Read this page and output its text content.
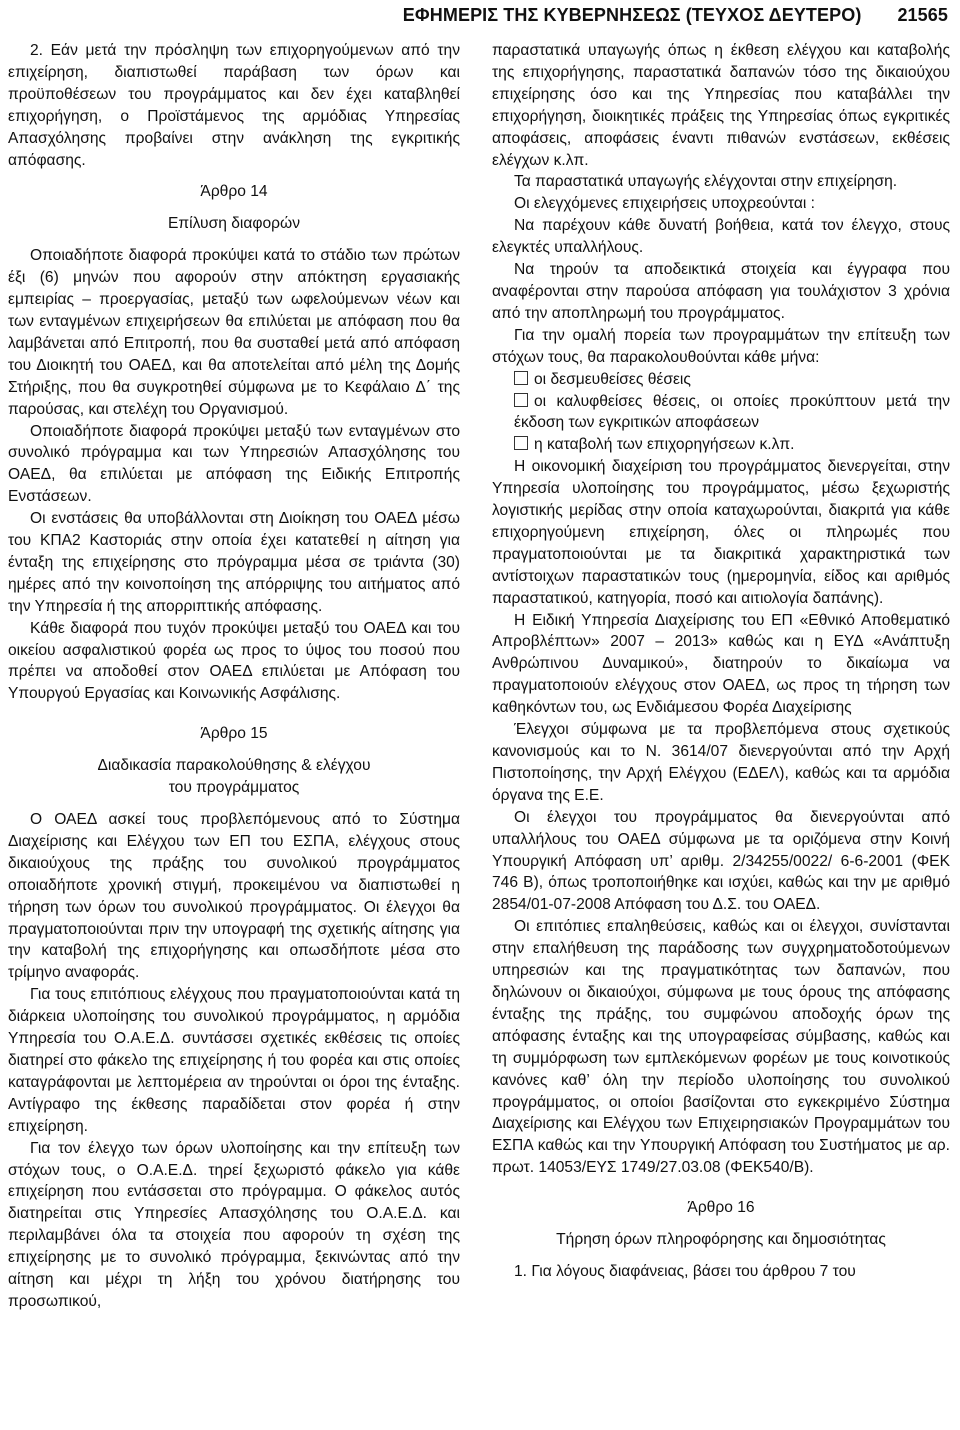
ΕΦΗΜΕΡΙΣ ΤΗΣ ΚΥΒΕΡΝΗΣΕΩΣ (ΤΕΥΧΟΣ ΔΕΥΤΕΡΟ) 21565

2. Εάν μετά την πρόσληψη των επιχορηγούμενων από την επιχείρηση, διαπιστωθεί παράβαση των όρων και προϋποθέσεων του προγράμματος και δεν έχει καταβληθεί επιχορήγηση, ο Προϊστάμενος της αρμόδιας Υπηρεσίας Απασχόλησης προβαίνει στην ανάκληση της εγκριτικής απόφασης.

Άρθρο 14

Επίλυση διαφορών

Οποιαδήποτε διαφορά προκύψει κατά το στάδιο των πρώτων έξι (6) μηνών που αφορούν στην απόκτηση εργασιακής εμπειρίας – προεργασίας, μεταξύ των ωφελούμενων νέων και των ενταγμένων επιχειρήσεων θα επιλύεται με απόφαση που θα λαμβάνεται από Επιτροπή, που θα συσταθεί μετά από απόφαση του Διοικητή του ΟΑΕΔ, και θα αποτελείται από μέλη της Δομής Στήριξης, που θα συγκροτηθεί σύμφωνα με το Κεφάλαιο Δ΄ της παρούσας, και στελέχη του Οργανισμού.

Οποιαδήποτε διαφορά προκύψει μεταξύ των ενταγμένων στο συνολικό πρόγραμμα και των Υπηρεσιών Απασχόλησης του ΟΑΕΔ, θα επιλύεται με απόφαση της Ειδικής Επιτροπής Ενστάσεων.

Οι ενστάσεις θα υποβάλλονται στη Διοίκηση του ΟΑΕΔ μέσω του ΚΠΑ2 Καστοριάς στην οποία έχει κατατεθεί η αίτηση για ένταξη της επιχείρησης στο πρόγραμμα μέσα σε τριάντα (30) ημέρες από την κοινοποίηση της απόρριψης του αιτήματος από την Υπηρεσία ή της απορριπτικής απόφασης.

Κάθε διαφορά που τυχόν προκύψει μεταξύ του ΟΑΕΔ και του οικείου ασφαλιστικού φορέα ως προς το ύψος του ποσού που πρέπει να αποδοθεί στον ΟΑΕΔ επιλύεται με Απόφαση του Υπουργού Εργασίας και Κοινωνικής Ασφάλισης.

Άρθρο 15

Διαδικασία παρακολούθησης & ελέγχου

του προγράμματος

Ο ΟΑΕΔ ασκεί τους προβλεπόμενους από το Σύστημα Διαχείρισης και Ελέγχου των ΕΠ του ΕΣΠΑ, ελέγχους στους δικαιούχους της πράξης του συνολικού προγράμματος οποιαδήποτε χρονική στιγμή, προκειμένου να διαπιστωθεί η τήρηση των όρων του συνολικού προγράμματος. Οι έλεγχοι θα πραγματοποιούνται πριν την υπογραφή της σχετικής αίτησης για την καταβολή της επιχορήγησης και οπωσδήποτε μέσα στο τρίμηνο αναφοράς.

Για τους επιτόπιους ελέγχους που πραγματοποιούνται κατά τη διάρκεια υλοποίησης του συνολικού προγράμματος, η αρμόδια Υπηρεσία του Ο.Α.Ε.Δ. συντάσσει σχετικές εκθέσεις τις οποίες διατηρεί στο φάκελο της επιχείρησης ή του φορέα και στις οποίες καταγράφονται με λεπτομέρεια αν τηρούνται οι όροι της ένταξης. Αντίγραφο της έκθεσης παραδίδεται στον φορέα ή στην επιχείρηση.

Για τον έλεγχο των όρων υλοποίησης και την επίτευξη των στόχων τους, ο Ο.Α.Ε.Δ. τηρεί ξεχωριστό φάκελο για κάθε επιχείρηση που εντάσσεται στο πρόγραμμα. Ο φάκελος αυτός διατηρείται στις Υπηρεσίες Απασχόλησης του Ο.Α.Ε.Δ. και περιλαμβάνει όλα τα στοιχεία που αφορούν τη σχέση της επιχείρησης με το συνολικό πρόγραμμα, ξεκινώντας από την αίτηση και μέχρι τη λήξη του χρόνου διατήρησης του προσωπικού,

παραστατικά υπαγωγής όπως η έκθεση ελέγχου και καταβολής της επιχορήγησης, παραστατικά δαπανών τόσο της δικαιούχου επιχείρησης όσο και της Υπηρεσίας που καταβάλλει την επιχορήγηση, διοικητικές πράξεις της Υπηρεσίας όπως εγκριτικές αποφάσεις, αποφάσεις έναντι πιθανών ενστάσεων, εκθέσεις ελέγχων κ.λπ.

Τα παραστατικά υπαγωγής ελέγχονται στην επιχείρηση.

Οι ελεγχόμενες επιχειρήσεις υποχρεούνται :

Να παρέχουν κάθε δυνατή βοήθεια, κατά τον έλεγχο, στους ελεγκτές υπαλλήλους.

Να τηρούν τα αποδεικτικά στοιχεία και έγγραφα που αναφέρονται στην παρούσα απόφαση για τουλάχιστον 3 χρόνια από την αποπληρωμή του προγράμματος.

Για την ομαλή πορεία των προγραμμάτων την επίτευξη των στόχων τους, θα παρακολουθούνται κάθε μήνα:

οι δεσμευθείσες θέσεις

οι καλυφθείσες θέσεις, οι οποίες προκύπτουν μετά την έκδοση των εγκριτικών αποφάσεων

η καταβολή των επιχορηγήσεων κ.λπ.

Η οικονομική διαχείριση του προγράμματος διενεργείται, στην Υπηρεσία υλοποίησης του προγράμματος, μέσω ξεχωριστής λογιστικής μερίδας στην οποία καταχωρούνται, διακριτά για κάθε επιχορηγούμενη επιχείρηση, όλες οι πληρωμές που πραγματοποιούνται με τα διακριτικά χαρακτηριστικά των αντίστοιχων παραστατικών τους (ημερομηνία, είδος και αριθμός παραστατικού, κατηγορία, ποσό και αιτιολογία δαπάνης).

Η Ειδική Υπηρεσία Διαχείρισης του ΕΠ «Εθνικό Αποθεματικό Απροβλέπτων» 2007 – 2013» καθώς και η ΕΥΔ «Ανάπτυξη Ανθρώπινου Δυναμικού», διατηρούν το δικαίωμα να πραγματοποιούν ελέγχους στον ΟΑΕΔ, ως προς τη τήρηση των καθηκόντων του, ως Ενδιάμεσου Φορέα Διαχείρισης

Έλεγχοι σύμφωνα με τα προβλεπόμενα στους σχετικούς κανονισμούς και το Ν. 3614/07 διενεργούνται από την Αρχή Πιστοποίησης, την Αρχή Ελέγχου (ΕΔΕΛ), καθώς και τα αρμόδια όργανα της Ε.Ε.

Οι έλεγχοι του προγράμματος θα διενεργούνται από υπαλλήλους του ΟΑΕΔ σύμφωνα με τα οριζόμενα στην Κοινή Υπουργική Απόφαση υπ’ αριθμ. 2/34255/0022/ 6-6-2001 (ΦΕΚ 746 Β), όπως τροποποιήθηκε και ισχύει, καθώς και την με αριθμό 2854/01-07-2008 Απόφαση του Δ.Σ. του ΟΑΕΔ.

Οι επιτόπιες επαληθεύσεις, καθώς και οι έλεγχοι, συνίστανται στην επαλήθευση της παράδοσης των συγχρηματοδοτούμενων υπηρεσιών και της πραγματικότητας των δαπανών, που δηλώνουν οι δικαιούχοι, σύμφωνα με τους όρους της απόφασης ένταξης της πράξης, του συμφώνου αποδοχής όρων της απόφασης ένταξης και της υπογραφείσας σύμβασης, καθώς και τη συμμόρφωση των εμπλεκόμενων φορέων με τους κοινοτικούς κανόνες καθ’ όλη την περίοδο υλοποίησης του συνολικού προγράμματος, οι οποίοι βασίζονται στο εγκεκριμένο Σύστημα Διαχείρισης και Ελέγχου των Επιχειρησιακών Προγραμμάτων του ΕΣΠΑ καθώς και την Υπουργική Απόφαση του Συστήματος με αρ. πρωτ. 14053/ΕΥΣ 1749/27.03.08 (ΦΕΚ540/Β).

Άρθρο 16

Τήρηση όρων πληροφόρησης και δημοσιότητας

1. Για λόγους διαφάνειας, βάσει του άρθρου 7 του
